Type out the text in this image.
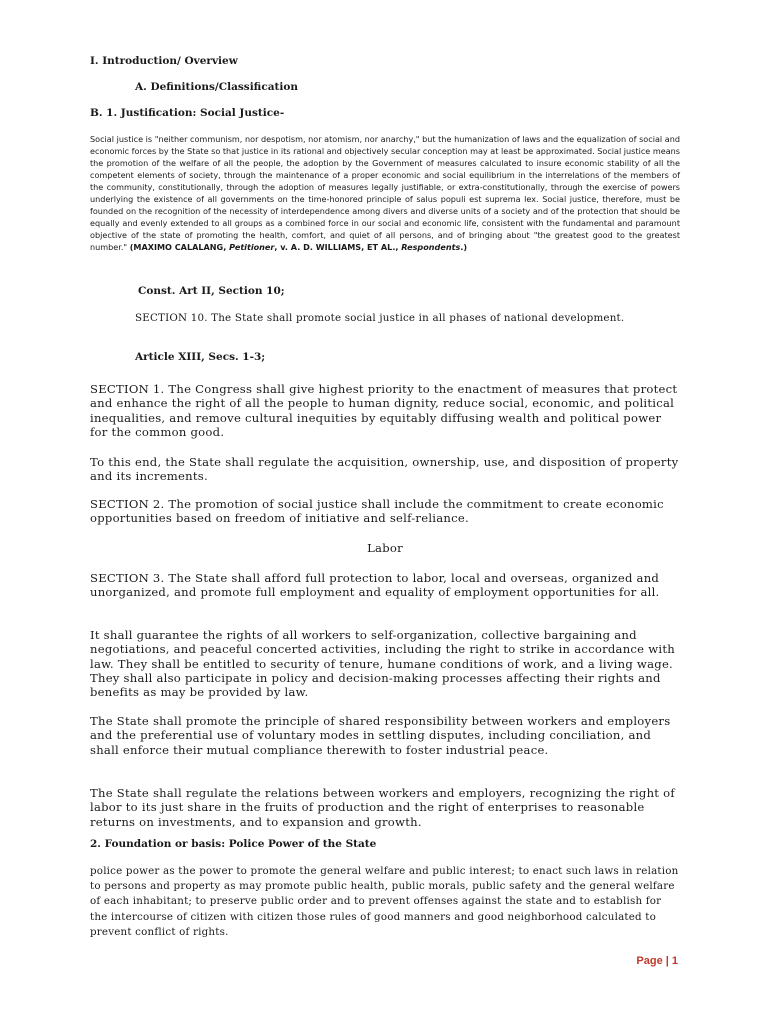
I. Introduction/ Overview

A. Definitions/Classification

B. 1. Justification: Social Justice-

Social justice is "neither communism, nor despotism, nor atomism, nor anarchy," but the humanization of laws and the equalization of social and economic forces by the State so that justice in its rational and objectively secular conception may at least be approximated. Social justice means the promotion of the welfare of all the people, the adoption by the Government of measures calculated to insure economic stability of all the competent elements of society, through the maintenance of a proper economic and social equilibrium in the interrelations of the members of the community, constitutionally, through the adoption of measures legally justifiable, or extra-constitutionally, through the exercise of powers underlying the existence of all governments on the time-honored principle of salus populi est suprema lex. Social justice, therefore, must be founded on the recognition of the necessity of interdependence among divers and diverse units of a society and of the protection that should be equally and evenly extended to all groups as a combined force in our social and economic life, consistent with the fundamental and paramount objective of the state of promoting the health, comfort, and quiet of all persons, and of bringing about "the greatest good to the greatest number." (MAXIMO CALALANG, Petitioner, v. A. D. WILLIAMS, ET AL., Respondents.)

Const. Art II, Section 10;

SECTION 10. The State shall promote social justice in all phases of national development.

Article XIII, Secs. 1-3;

SECTION 1. The Congress shall give highest priority to the enactment of measures that protect and enhance the right of all the people to human dignity, reduce social, economic, and political inequalities, and remove cultural inequities by equitably diffusing wealth and political power for the common good.

To this end, the State shall regulate the acquisition, ownership, use, and disposition of property and its increments.

SECTION 2. The promotion of social justice shall include the commitment to create economic opportunities based on freedom of initiative and self-reliance.

Labor

SECTION 3. The State shall afford full protection to labor, local and overseas, organized and unorganized, and promote full employment and equality of employment opportunities for all.

It shall guarantee the rights of all workers to self-organization, collective bargaining and negotiations, and peaceful concerted activities, including the right to strike in accordance with law. They shall be entitled to security of tenure, humane conditions of work, and a living wage. They shall also participate in policy and decision-making processes affecting their rights and benefits as may be provided by law.

The State shall promote the principle of shared responsibility between workers and employers and the preferential use of voluntary modes in settling disputes, including conciliation, and shall enforce their mutual compliance therewith to foster industrial peace.

The State shall regulate the relations between workers and employers, recognizing the right of labor to its just share in the fruits of production and the right of enterprises to reasonable returns on investments, and to expansion and growth.

2. Foundation or basis: Police Power of the State

police power as the power to promote the general welfare and public interest; to enact such laws in relation to persons and property as may promote public health, public morals, public safety and the general welfare of each inhabitant; to preserve public order and to prevent offenses against the state and to establish for the intercourse of citizen with citizen those rules of good manners and good neighborhood calculated to prevent conflict of rights.

Page | 1
